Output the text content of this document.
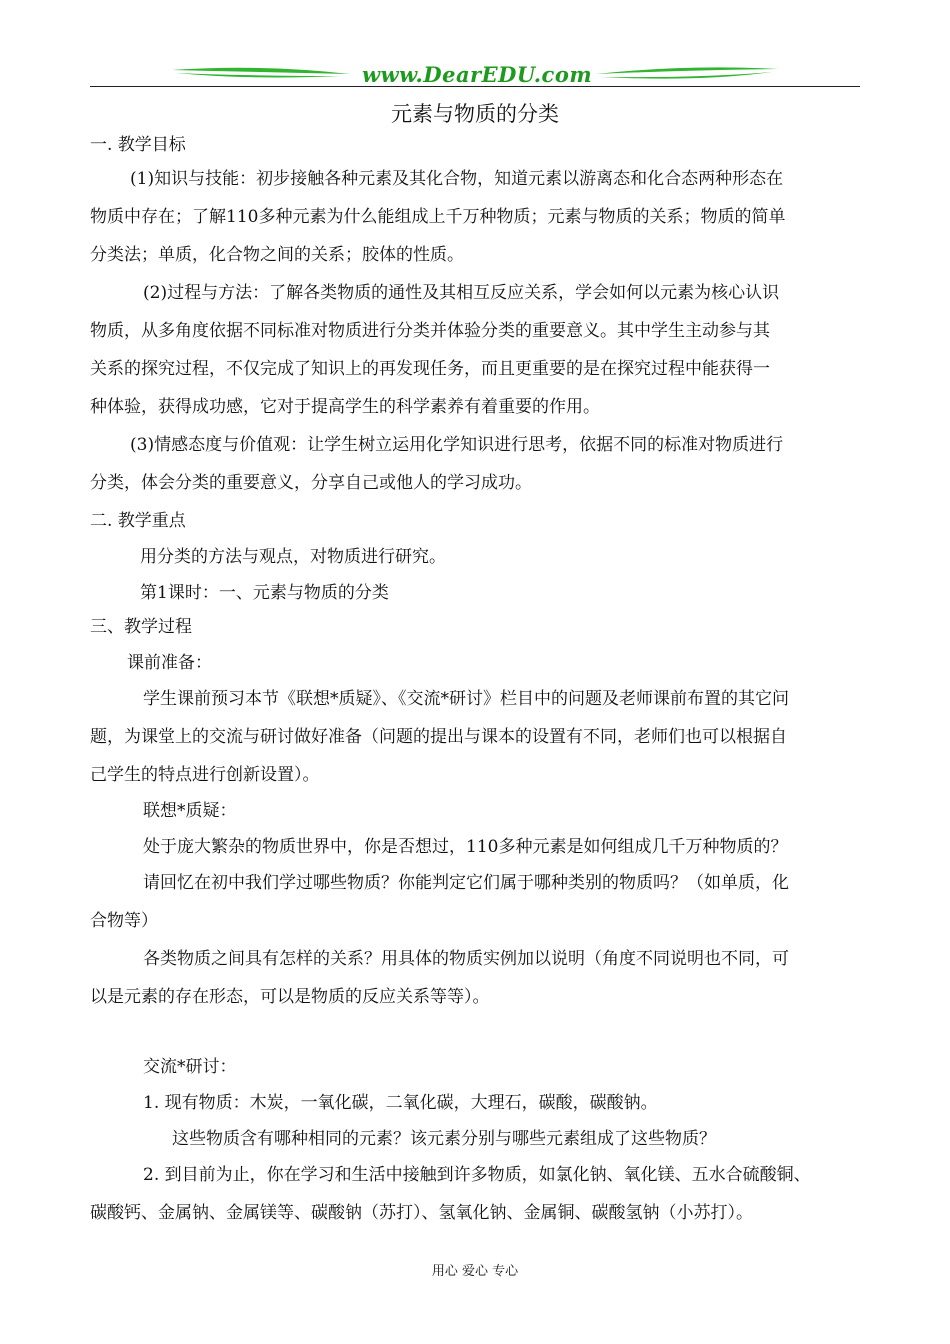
www.DearEDU.com
元素与物质的分类
一. 教学目标
(1)知识与技能：初步接触各种元素及其化合物，知道元素以游离态和化合态两种形态在
物质中存在；了解110多种元素为什么能组成上千万种物质；元素与物质的关系；物质的简单
分类法；单质，化合物之间的关系；胶体的性质。
(2)过程与方法：了解各类物质的通性及其相互反应关系，学会如何以元素为核心认识
物质，从多角度依据不同标准对物质进行分类并体验分类的重要意义。其中学生主动参与其
关系的探究过程，不仅完成了知识上的再发现任务，而且更重要的是在探究过程中能获得一
种体验，获得成功感，它对于提高学生的科学素养有着重要的作用。
(3)情感态度与价值观：让学生树立运用化学知识进行思考，依据不同的标准对物质进行
分类，体会分类的重要意义，分享自己或他人的学习成功。
二. 教学重点
用分类的方法与观点，对物质进行研究。
第1课时：一、元素与物质的分类
三、教学过程
课前准备：
学生课前预习本节《联想*质疑》、《交流*研讨》栏目中的问题及老师课前布置的其它问
题，为课堂上的交流与研讨做好准备（问题的提出与课本的设置有不同，老师们也可以根据自
己学生的特点进行创新设置）。
联想*质疑：
处于庞大繁杂的物质世界中，你是否想过，110多种元素是如何组成几千万种物质的？
请回忆在初中我们学过哪些物质？你能判定它们属于哪种类别的物质吗？（如单质，化
合物等）
各类物质之间具有怎样的关系？用具体的物质实例加以说明（角度不同说明也不同，可
以是元素的存在形态，可以是物质的反应关系等等）。
交流*研讨：
1. 现有物质：木炭，一氧化碳，二氧化碳，大理石，碳酸，碳酸钠。
这些物质含有哪种相同的元素？该元素分别与哪些元素组成了这些物质？
2. 到目前为止，你在学习和生活中接触到许多物质，如氯化钠、氧化镁、五水合硫酸铜、
碳酸钙、金属钠、金属镁等、碳酸钠（苏打）、氢氧化钠、金属铜、碳酸氢钠（小苏打）。
用心 爱心 专心
